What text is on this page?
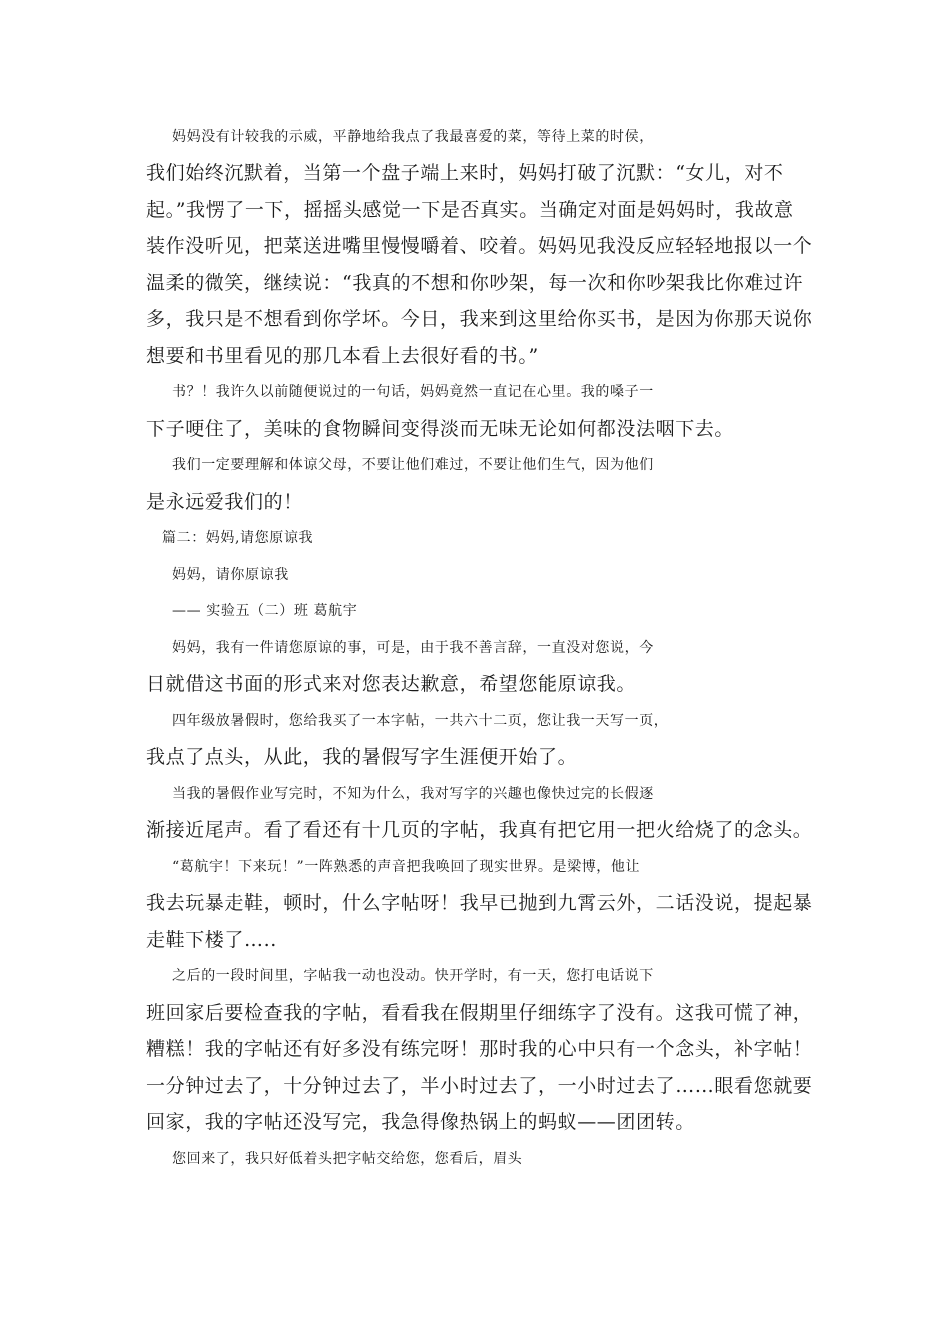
妈妈没有计较我的示威，平静地给我点了我最喜爱的菜，等待上菜的时侯，
我们始终沉默着，当第一个盘子端上来时，妈妈打破了沉默：“女儿，对不
起。”我愣了一下，摇摇头感觉一下是否真实。当确定对面是妈妈时，我故意
装作没听见，把菜送进嘴里慢慢嚼着、咬着。妈妈见我没反应轻轻地报以一个
温柔的微笑，继续说：“我真的不想和你吵架，每一次和你吵架我比你难过许
多，我只是不想看到你学坏。今日，我来到这里给你买书，是因为你那天说你
想要和书里看见的那几本看上去很好看的书。”
书？！我许久以前随便说过的一句话，妈妈竟然一直记在心里。我的嗓子一
下子哽住了，美味的食物瞬间变得淡而无味无论如何都没法咽下去。
我们一定要理解和体谅父母，不要让他们难过，不要让他们生气，因为他们
是永远爱我们的！
篇二：妈妈,请您原谅我
妈妈，请你原谅我
—— 实验五（二）班 葛航宇
妈妈，我有一件请您原谅的事，可是，由于我不善言辞，一直没对您说，今
日就借这书面的形式来对您表达歉意，希望您能原谅我。
四年级放暑假时，您给我买了一本字帖，一共六十二页，您让我一天写一页，
我点了点头，从此，我的暑假写字生涯便开始了。
当我的暑假作业写完时，不知为什么，我对写字的兴趣也像快过完的长假逐
渐接近尾声。看了看还有十几页的字帖，我真有把它用一把火给烧了的念头。
“葛航宇！下来玩！”一阵熟悉的声音把我唤回了现实世界。是梁博，他让
我去玩暴走鞋，顿时，什么字帖呀！我早已抛到九霄云外，二话没说，提起暴
走鞋下楼了…..
之后的一段时间里，字帖我一动也没动。快开学时，有一天，您打电话说下
班回家后要检查我的字帖，看看我在假期里仔细练字了没有。这我可慌了神，
糟糕！我的字帖还有好多没有练完呀！那时我的心中只有一个念头，补字帖！
一分钟过去了，十分钟过去了，半小时过去了，一小时过去了……眼看您就要
回家，我的字帖还没写完，我急得像热锅上的蚂蚁——团团转。
您回来了，我只好低着头把字帖交给您，您看后，眉头
